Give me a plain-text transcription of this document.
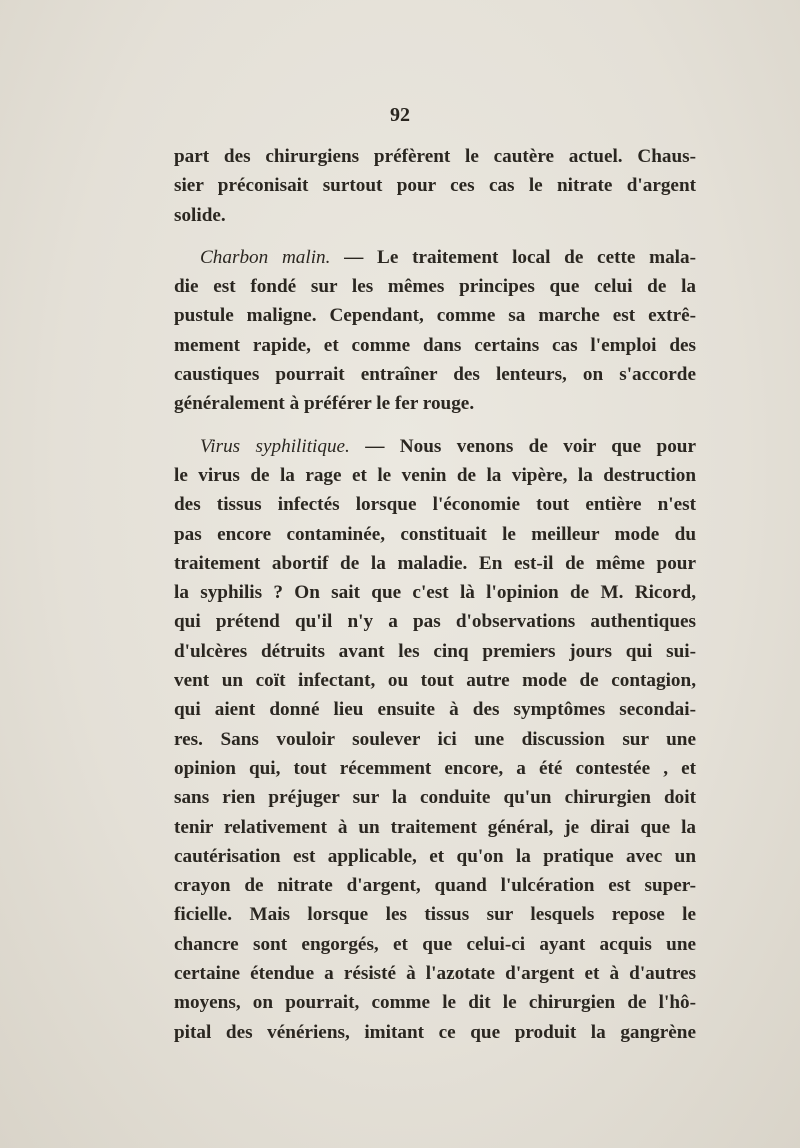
92
part des chirurgiens préfèrent le cautère actuel. Chaus-
sier préconisait surtout pour ces cas le nitrate d'argent
solide.
Charbon malin. — Le traitement local de cette mala-
die est fondé sur les mêmes principes que celui de la
pustule maligne. Cependant, comme sa marche est extrê-
mement rapide, et comme dans certains cas l'emploi des
caustiques pourrait entraîner des lenteurs, on s'accorde
généralement à préférer le fer rouge.
Virus syphilitique. — Nous venons de voir que pour
le virus de la rage et le venin de la vipère, la destruction
des tissus infectés lorsque l'économie tout entière n'est
pas encore contaminée, constituait le meilleur mode du
traitement abortif de la maladie. En est-il de même pour
la syphilis ? On sait que c'est là l'opinion de M. Ricord,
qui prétend qu'il n'y a pas d'observations authentiques
d'ulcères détruits avant les cinq premiers jours qui sui-
vent un coït infectant, ou tout autre mode de contagion,
qui aient donné lieu ensuite à des symptômes secondai-
res. Sans vouloir soulever ici une discussion sur une
opinion qui, tout récemment encore, a été contestée , et
sans rien préjuger sur la conduite qu'un chirurgien doit
tenir relativement à un traitement général, je dirai que la
cautérisation est applicable, et qu'on la pratique avec un
crayon de nitrate d'argent, quand l'ulcération est super-
ficielle. Mais lorsque les tissus sur lesquels repose le
chancre sont engorgés, et que celui-ci ayant acquis une
certaine étendue a résisté à l'azotate d'argent et à d'autres
moyens, on pourrait, comme le dit le chirurgien de l'hô-
pital des vénériens, imitant ce que produit la gangrène
